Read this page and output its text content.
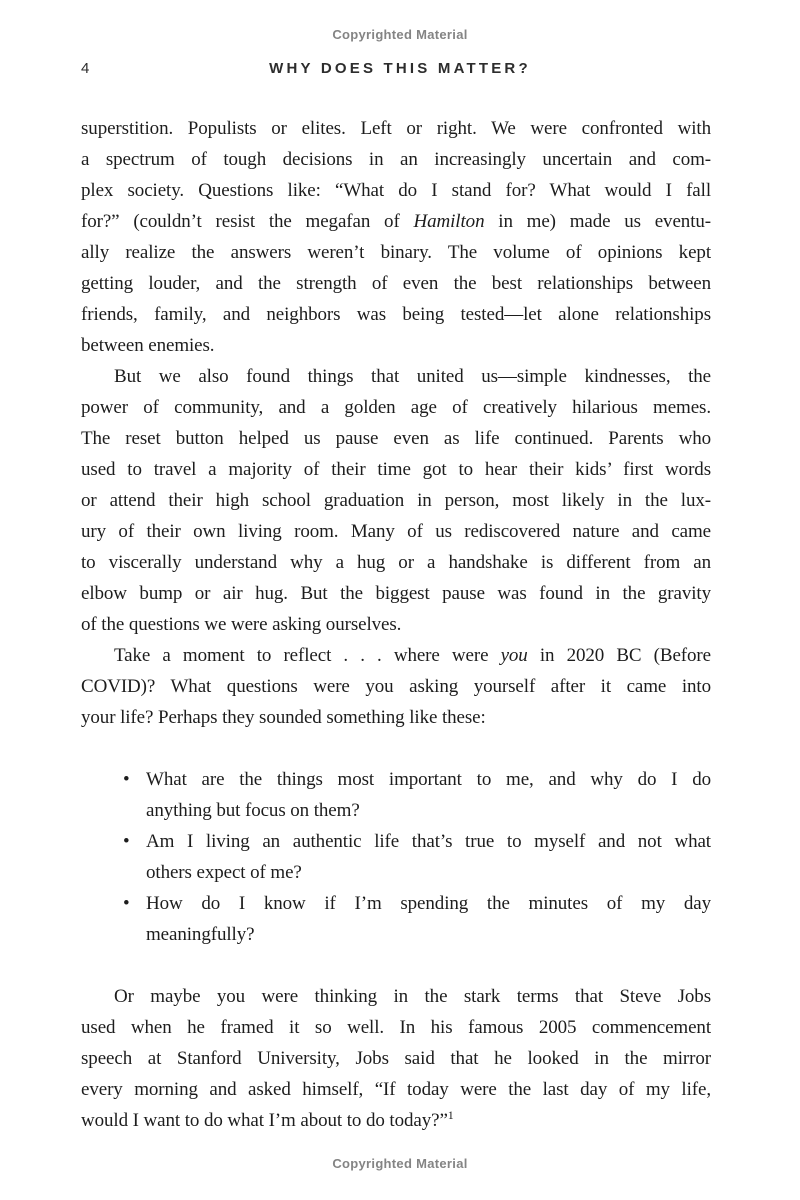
Copyrighted Material
4	WHY DOES THIS MATTER?
superstition. Populists or elites. Left or right. We were confronted with
a spectrum of tough decisions in an increasingly uncertain and com-
plex society. Questions like: “What do I stand for? What would I fall
for?” (couldn’t resist the megafan of Hamilton in me) made us eventu-
ally realize the answers weren’t binary. The volume of opinions kept
getting louder, and the strength of even the best relationships between
friends, family, and neighbors was being tested—let alone relationships
between enemies.
But we also found things that united us—simple kindnesses, the
power of community, and a golden age of creatively hilarious memes.
The reset button helped us pause even as life continued. Parents who
used to travel a majority of their time got to hear their kids’ first words
or attend their high school graduation in person, most likely in the lux-
ury of their own living room. Many of us rediscovered nature and came
to viscerally understand why a hug or a handshake is different from an
elbow bump or air hug. But the biggest pause was found in the gravity
of the questions we were asking ourselves.
Take a moment to reflect . . . where were you in 2020 BC (Before
COVID)? What questions were you asking yourself after it came into
your life? Perhaps they sounded something like these:
• What are the things most important to me, and why do I do
anything but focus on them?
• Am I living an authentic life that’s true to myself and not what
others expect of me?
• How do I know if I’m spending the minutes of my day
meaningfully?
Or maybe you were thinking in the stark terms that Steve Jobs
used when he framed it so well. In his famous 2005 commencement
speech at Stanford University, Jobs said that he looked in the mirror
every morning and asked himself, “If today were the last day of my life,
would I want to do what I’m about to do today?”$^1$
Copyrighted Material
